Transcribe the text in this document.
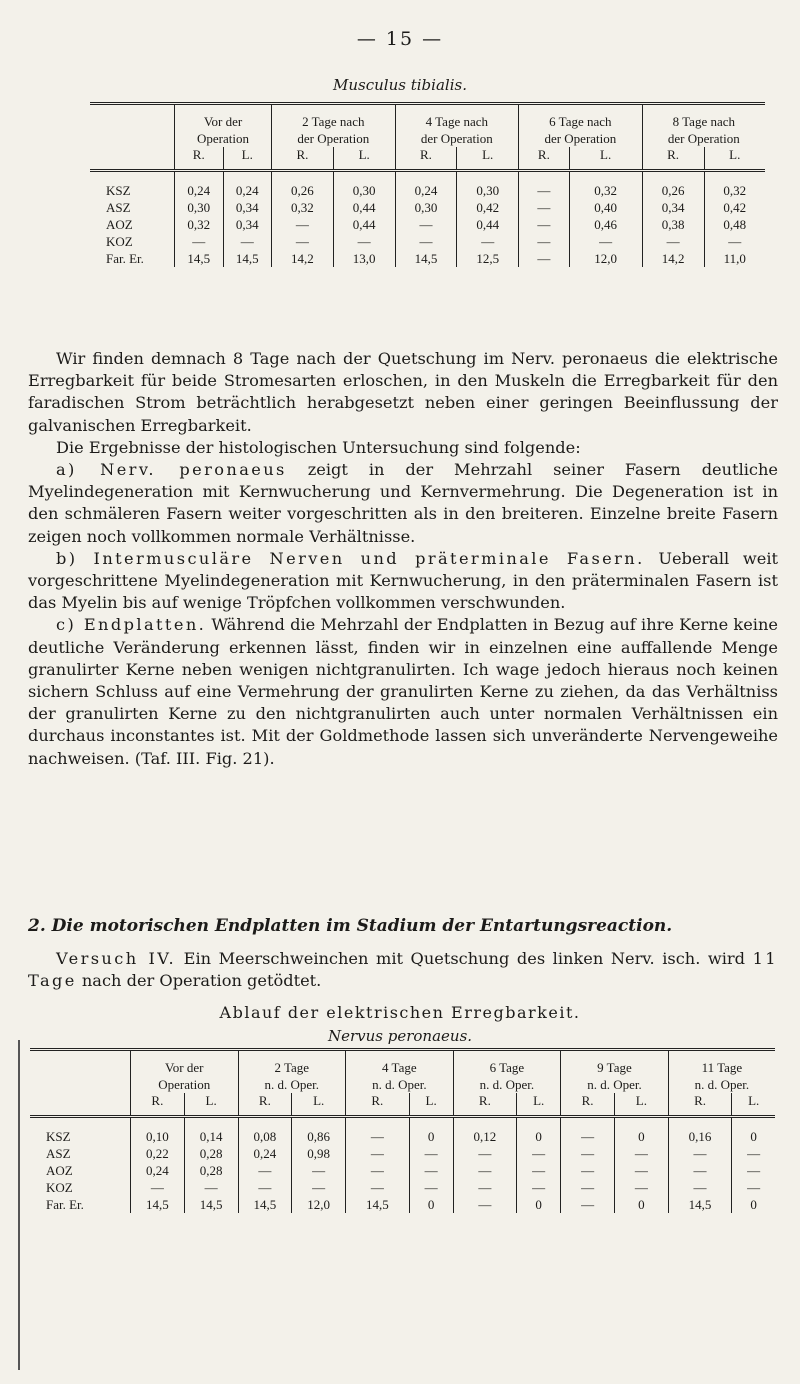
— 15 —
Musculus tibialis.
	Vor der
Operation		2 Tage nach
der Operation		4 Tage nach
der Operation		6 Tage nach
der Operation		8 Tage nach
der Operation	
	R.	L.	R.	L.	R.	L.	R.	L.	R.	L.
KSZ	0,24	0,24	0,26	0,30	0,24	0,30	—	0,32	0,26	0,32
ASZ	0,30	0,34	0,32	0,44	0,30	0,42	—	0,40	0,34	0,42
AOZ	0,32	0,34	—	0,44	—	0,44	—	0,46	0,38	0,48
KOZ	—	—	—	—	—	—	—	—	—	—
Far. Er.	14,5	14,5	14,2	13,0	14,5	12,5	—	12,0	14,2	11,0

Wir finden demnach 8 Tage nach der Quetschung im Nerv. peronaeus die elektrische Erregbarkeit für beide Stromesarten erloschen, in den Muskeln die Erregbarkeit für den faradischen Strom beträchtlich herabgesetzt neben einer geringen Beeinflussung der galvanischen Erregbarkeit.

Die Ergebnisse der histologischen Untersuchung sind folgende:

a) Nerv. peronaeus zeigt in der Mehrzahl seiner Fasern deutliche Myelindegeneration mit Kernwucherung und Kernvermehrung. Die Degeneration ist in den schmäleren Fasern weiter vorgeschritten als in den breiteren. Einzelne breite Fasern zeigen noch vollkommen normale Verhältnisse.

b) Intermusculäre Nerven und präterminale Fasern. Ueberall weit vorgeschrittene Myelindegeneration mit Kernwucherung, in den präterminalen Fasern ist das Myelin bis auf wenige Tröpfchen vollkommen verschwunden.

c) Endplatten. Während die Mehrzahl der Endplatten in Bezug auf ihre Kerne keine deutliche Veränderung erkennen lässt, finden wir in einzelnen eine auffallende Menge granulirter Kerne neben wenigen nichtgranulirten. Ich wage jedoch hieraus noch keinen sichern Schluss auf eine Vermehrung der granulirten Kerne zu ziehen, da das Verhältniss der granulirten Kerne zu den nichtgranulirten auch unter normalen Verhältnissen ein durchaus inconstantes ist. Mit der Goldmethode lassen sich unveränderte Nervengeweihe nachweisen. (Taf. III. Fig. 21).

2. Die motorischen Endplatten im Stadium der Entartungsreaction.

Versuch IV. Ein Meerschweinchen mit Quetschung des linken Nerv. isch. wird 11 Tage nach der Operation getödtet.

Ablauf der elektrischen Erregbarkeit.
Nervus peronaeus.
	Vor der
Operation		2 Tage
n. d. Oper.		4 Tage
n. d. Oper.		6 Tage
n. d. Oper.		9 Tage
n. d. Oper.		11 Tage
n. d. Oper.	
	R.	L.	R.	L.	R.	L.	R.	L.	R.	L.	R.	L.
KSZ	0,10	0,14	0,08	0,86	—	0	0,12	0	—	0	0,16	0
ASZ	0,22	0,28	0,24	0,98	—	—	—	—	—	—	—	—
AOZ	0,24	0,28	—	—	—	—	—	—	—	—	—	—
KOZ	—	—	—	—	—	—	—	—	—	—	—	—
Far. Er.	14,5	14,5	14,5	12,0	14,5	0	—	0	—	0	14,5	0
